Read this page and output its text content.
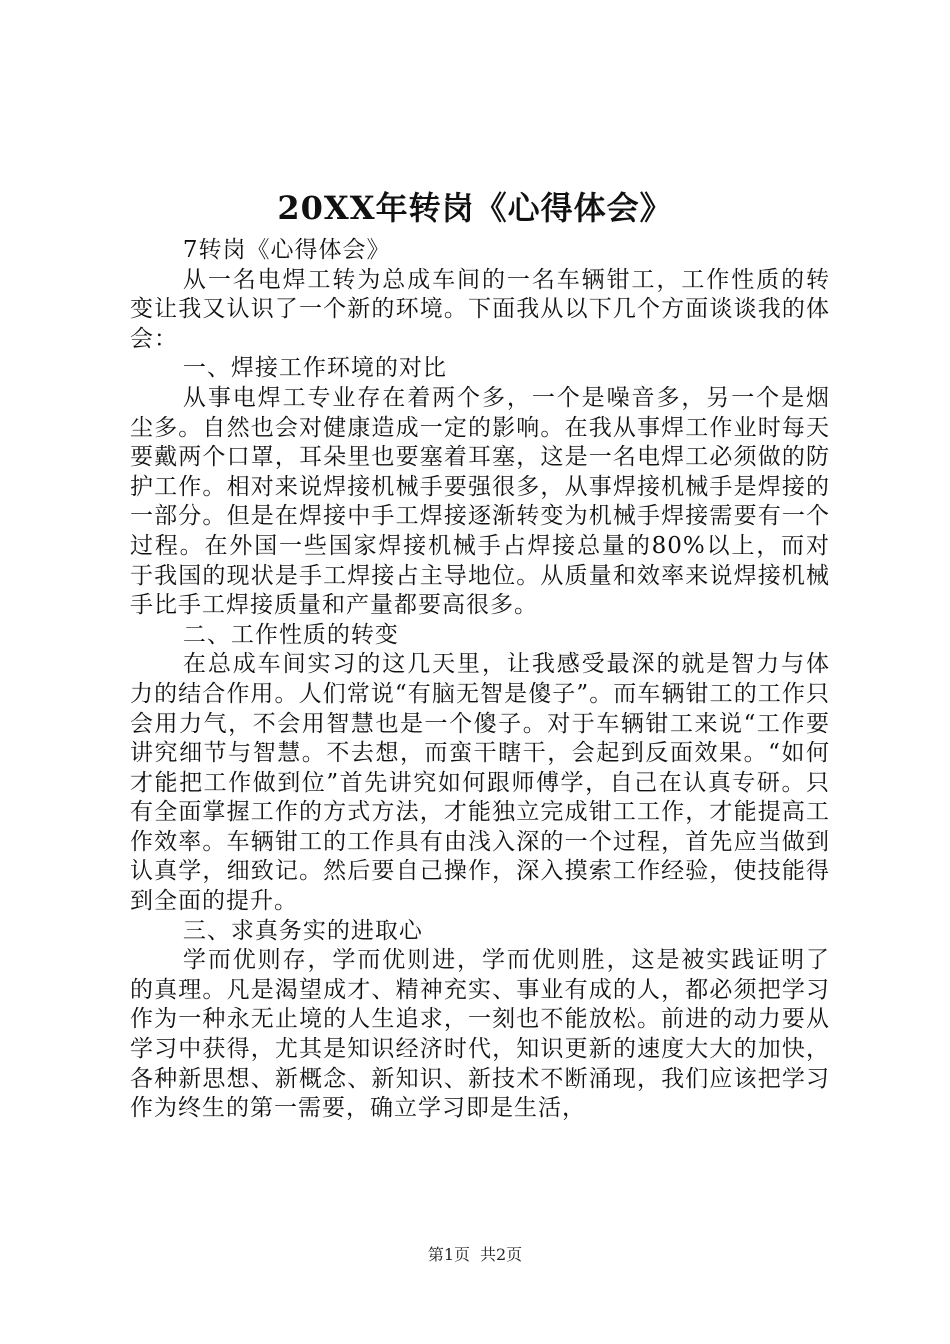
20XX年转岗《心得体会》

7转岗《心得体会》

从一名电焊工转为总成车间的一名车辆钳工，工作性质的转变让我又认识了一个新的环境。下面我从以下几个方面谈谈我的体会：

一、焊接工作环境的对比

从事电焊工专业存在着两个多，一个是噪音多，另一个是烟尘多。自然也会对健康造成一定的影响。在我从事焊工作业时每天要戴两个口罩，耳朵里也要塞着耳塞，这是一名电焊工必须做的防护工作。相对来说焊接机械手要强很多，从事焊接机械手是焊接的一部分。但是在焊接中手工焊接逐渐转变为机械手焊接需要有一个过程。在外国一些国家焊接机械手占焊接总量的80%以上，而对于我国的现状是手工焊接占主导地位。从质量和效率来说焊接机械手比手工焊接质量和产量都要高很多。

二、工作性质的转变

在总成车间实习的这几天里，让我感受最深的就是智力与体力的结合作用。人们常说“有脑无智是傻子”。而车辆钳工的工作只会用力气，不会用智慧也是一个傻子。对于车辆钳工来说“工作要讲究细节与智慧。不去想，而蛮干瞎干，会起到反面效果。“如何才能把工作做到位”首先讲究如何跟师傅学，自己在认真专研。只有全面掌握工作的方式方法，才能独立完成钳工工作，才能提高工作效率。车辆钳工的工作具有由浅入深的一个过程，首先应当做到认真学，细致记。然后要自己操作，深入摸索工作经验，使技能得到全面的提升。

三、求真务实的进取心

学而优则存，学而优则进，学而优则胜，这是被实践证明了的真理。凡是渴望成才、精神充实、事业有成的人，都必须把学习作为一种永无止境的人生追求，一刻也不能放松。前进的动力要从学习中获得，尤其是知识经济时代，知识更新的速度大大的加快，各种新思想、新概念、新知识、新技术不断涌现，我们应该把学习作为终生的第一需要，确立学习即是生活，

第1页 共2页
